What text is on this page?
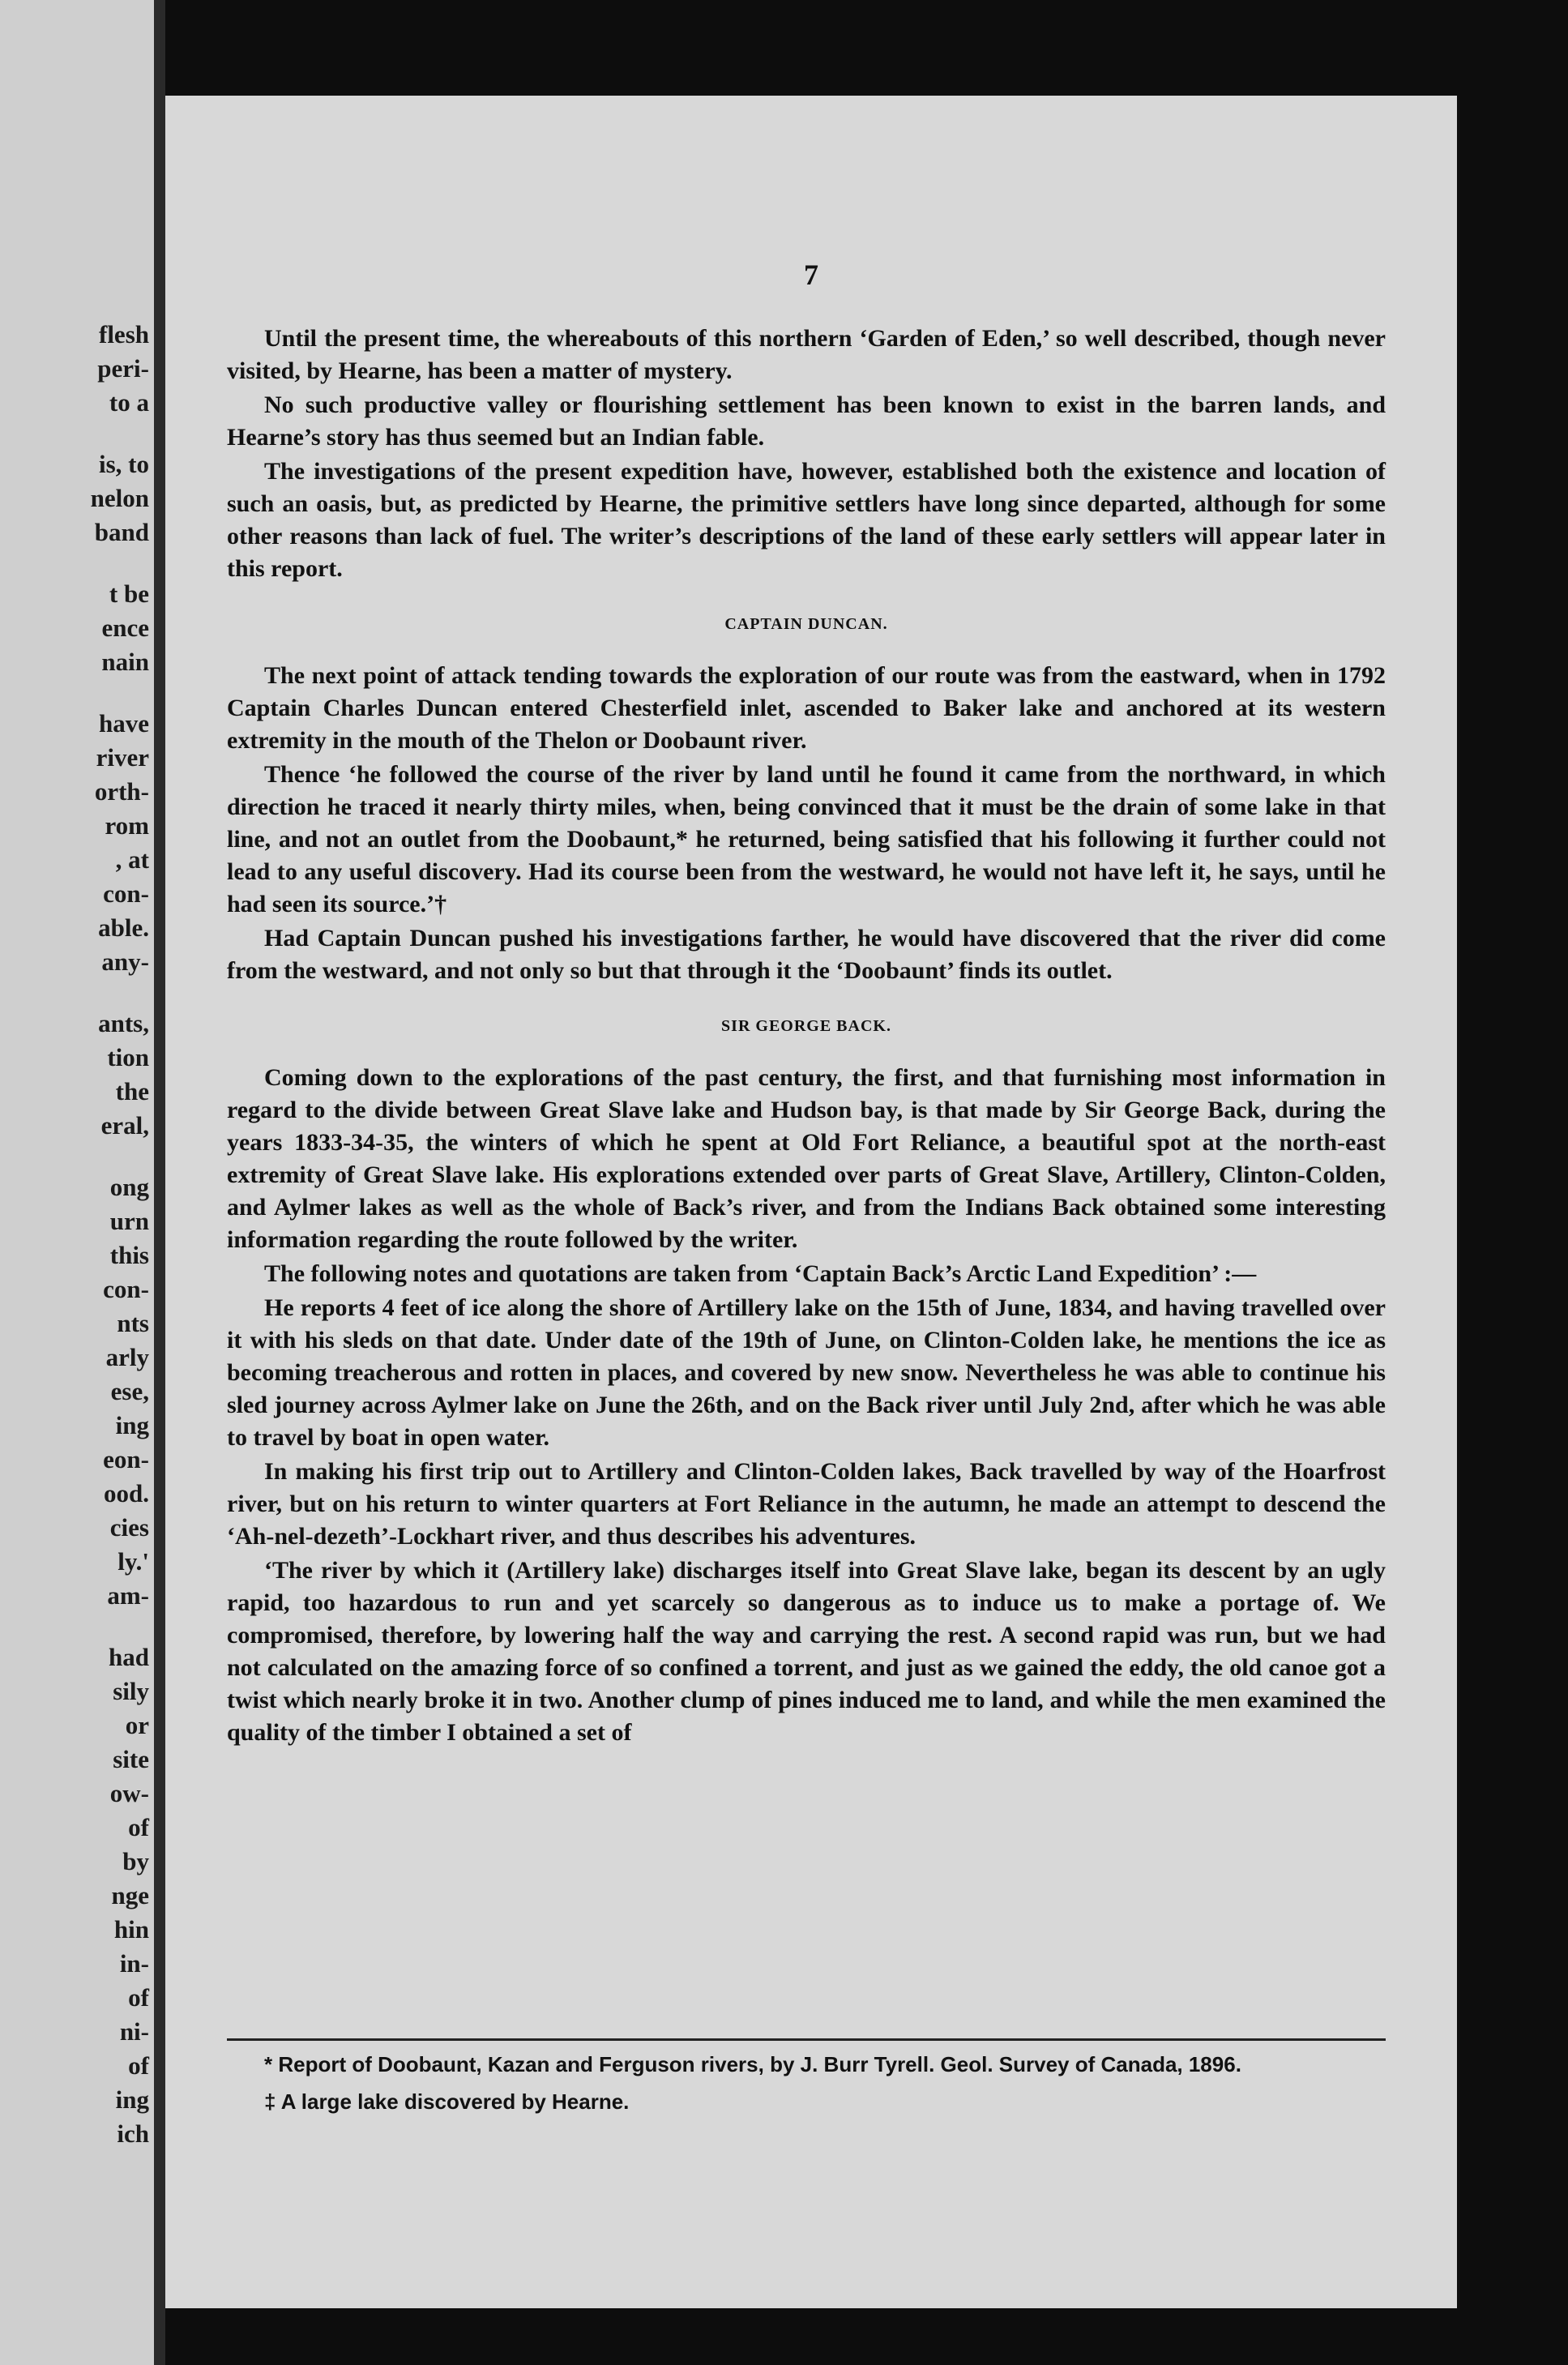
flesh
peri-
to a
is, to
nelon
band
t be
ence
nain
have
river
orth-
rom
, at
con-
able.
any-
ants,
tion
the
eral,
ong
urn
this
con-
nts
arly
ese,
ing
eon-
ood.
cies
ly.'
am-
had
sily
or
site
ow-
of
by
nge
hin
in-
of
ni-
of
ing
ich
7

Until the present time, the whereabouts of this northern ‘Garden of Eden,’ so well described, though never visited, by Hearne, has been a matter of mystery.

No such productive valley or flourishing settlement has been known to exist in the barren lands, and Hearne’s story has thus seemed but an Indian fable.

The investigations of the present expedition have, however, established both the existence and location of such an oasis, but, as predicted by Hearne, the primitive settlers have long since departed, although for some other reasons than lack of fuel. The writer’s descriptions of the land of these early settlers will appear later in this report.

CAPTAIN DUNCAN.

The next point of attack tending towards the exploration of our route was from the eastward, when in 1792 Captain Charles Duncan entered Chesterfield inlet, ascended to Baker lake and anchored at its western extremity in the mouth of the Thelon or Doobaunt river.

Thence ‘he followed the course of the river by land until he found it came from the northward, in which direction he traced it nearly thirty miles, when, being convinced that it must be the drain of some lake in that line, and not an outlet from the Doobaunt,* he returned, being satisfied that his following it further could not lead to any useful discovery. Had its course been from the westward, he would not have left it, he says, until he had seen its source.’†

Had Captain Duncan pushed his investigations farther, he would have discovered that the river did come from the westward, and not only so but that through it the ‘Doobaunt’ finds its outlet.

SIR GEORGE BACK.

Coming down to the explorations of the past century, the first, and that furnishing most information in regard to the divide between Great Slave lake and Hudson bay, is that made by Sir George Back, during the years 1833-34-35, the winters of which he spent at Old Fort Reliance, a beautiful spot at the north-east extremity of Great Slave lake. His explorations extended over parts of Great Slave, Artillery, Clinton-Colden, and Aylmer lakes as well as the whole of Back’s river, and from the Indians Back obtained some interesting information regarding the route followed by the writer.

The following notes and quotations are taken from ‘Captain Back’s Arctic Land Expedition’ :—

He reports 4 feet of ice along the shore of Artillery lake on the 15th of June, 1834, and having travelled over it with his sleds on that date. Under date of the 19th of June, on Clinton-Colden lake, he mentions the ice as becoming treacherous and rotten in places, and covered by new snow. Nevertheless he was able to continue his sled journey across Aylmer lake on June the 26th, and on the Back river until July 2nd, after which he was able to travel by boat in open water.

In making his first trip out to Artillery and Clinton-Colden lakes, Back travelled by way of the Hoarfrost river, but on his return to winter quarters at Fort Reliance in the autumn, he made an attempt to descend the ‘Ah-nel-dezeth’-Lockhart river, and thus describes his adventures.

‘The river by which it (Artillery lake) discharges itself into Great Slave lake, began its descent by an ugly rapid, too hazardous to run and yet scarcely so dangerous as to induce us to make a portage of. We compromised, therefore, by lowering half the way and carrying the rest. A second rapid was run, but we had not calculated on the amazing force of so confined a torrent, and just as we gained the eddy, the old canoe got a twist which nearly broke it in two. Another clump of pines induced me to land, and while the men examined the quality of the timber I obtained a set of

* Report of Doobaunt, Kazan and Ferguson rivers, by J. Burr Tyrell. Geol. Survey of Canada, 1896.

‡ A large lake discovered by Hearne.
